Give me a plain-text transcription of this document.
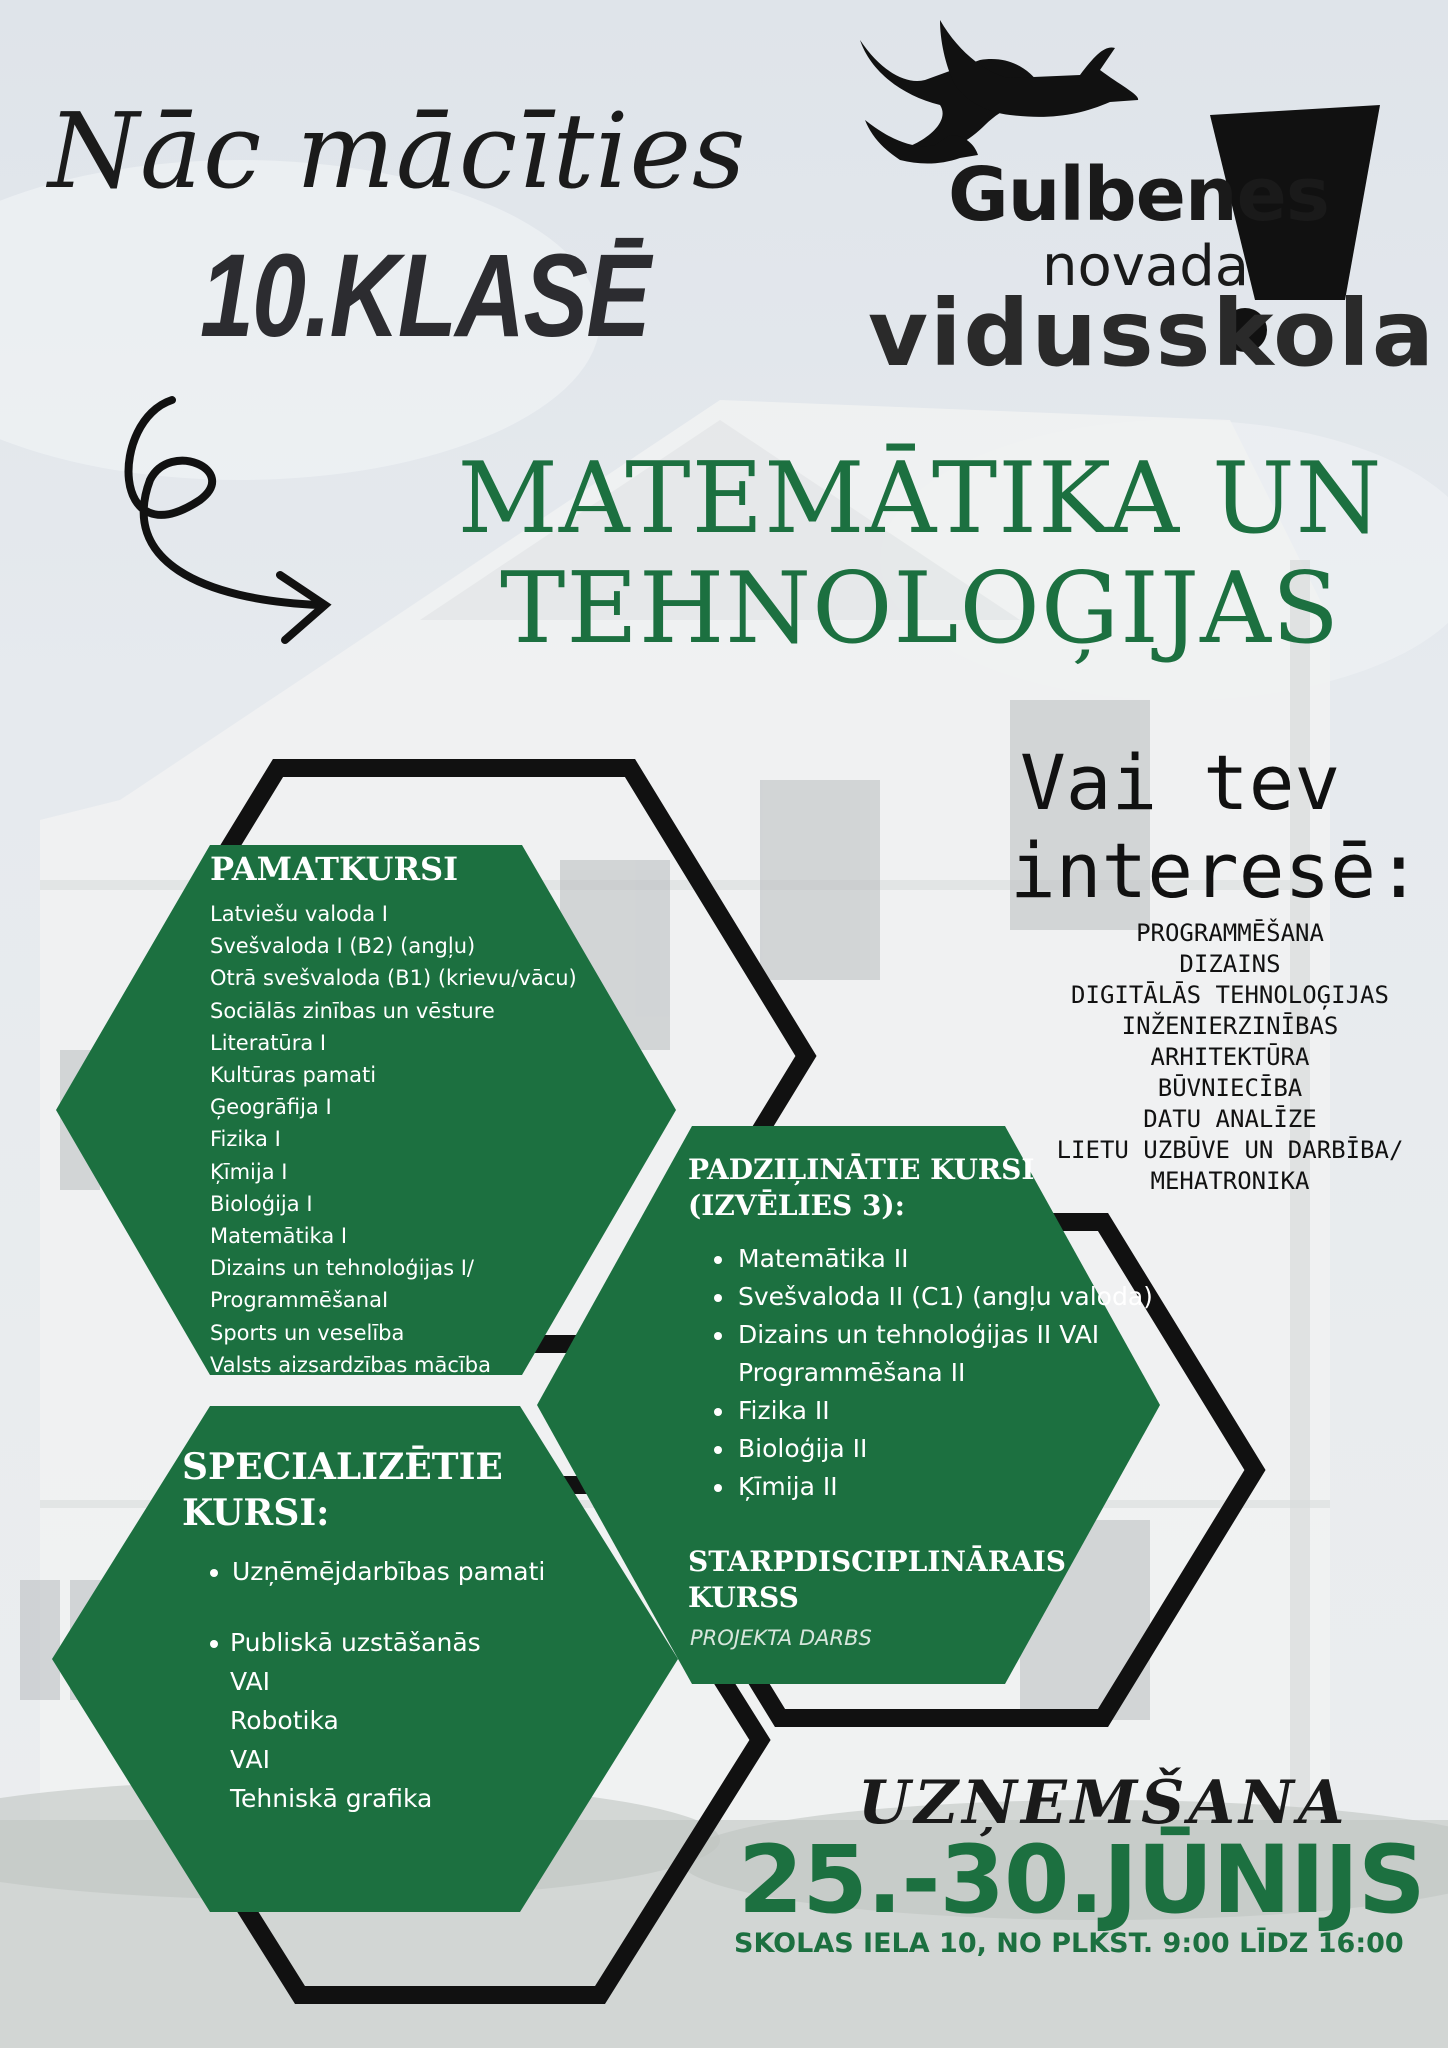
Nāc mācīties
10.KLASĒ
Gulbenes
novada
vidusskola
MATEMĀTIKA UN
TEHNOLOĢIJAS
Vai tev
interesē:
PROGRAMMĒŠANA
DIZAINS
DIGITĀLĀS TEHNOLOĢIJAS
INŽENIERZINĪBAS
ARHITEKTŪRA
BŪVNIECĪBA
DATU ANALĪZE
LIETU UZBŪVE UN DARBĪBA/
MEHATRONIKA
PAMATKURSI
Latviešu valoda I
Svešvaloda I (B2) (angļu)
Otrā svešvaloda (B1) (krievu/vācu)
Sociālās zinības un vēsture
Literatūra I
Kultūras pamati
Ģeogrāfija I
Fizika I
Ķīmija I
Bioloģija I
Matemātika I
Dizains un tehnoloģijas I/
ProgrammēšanaI
Sports un veselība
Valsts aizsardzības mācība
PADZIĻINĀTIE KURSI
(IZVĒLIES 3):
• Matemātika II
• Svešvaloda II (C1) (angļu valoda)
• Dizains un tehnoloģijas II VAI Programmēšana II
• Fizika II
• Bioloģija II
• Ķīmija II
STARPDISCIPLINĀRAIS
KURSS
PROJEKTA DARBS
SPECIALIZĒTIE
KURSI:
• Uzņēmējdarbības pamati
• Publiskā uzstāšanās
VAI
Robotika
VAI
Tehniskā grafika	UZŅEMŠANA
25.-30.JŪNIJS
SKOLAS IELA 10, NO PLKST. 9:00 LĪDZ 16:00
